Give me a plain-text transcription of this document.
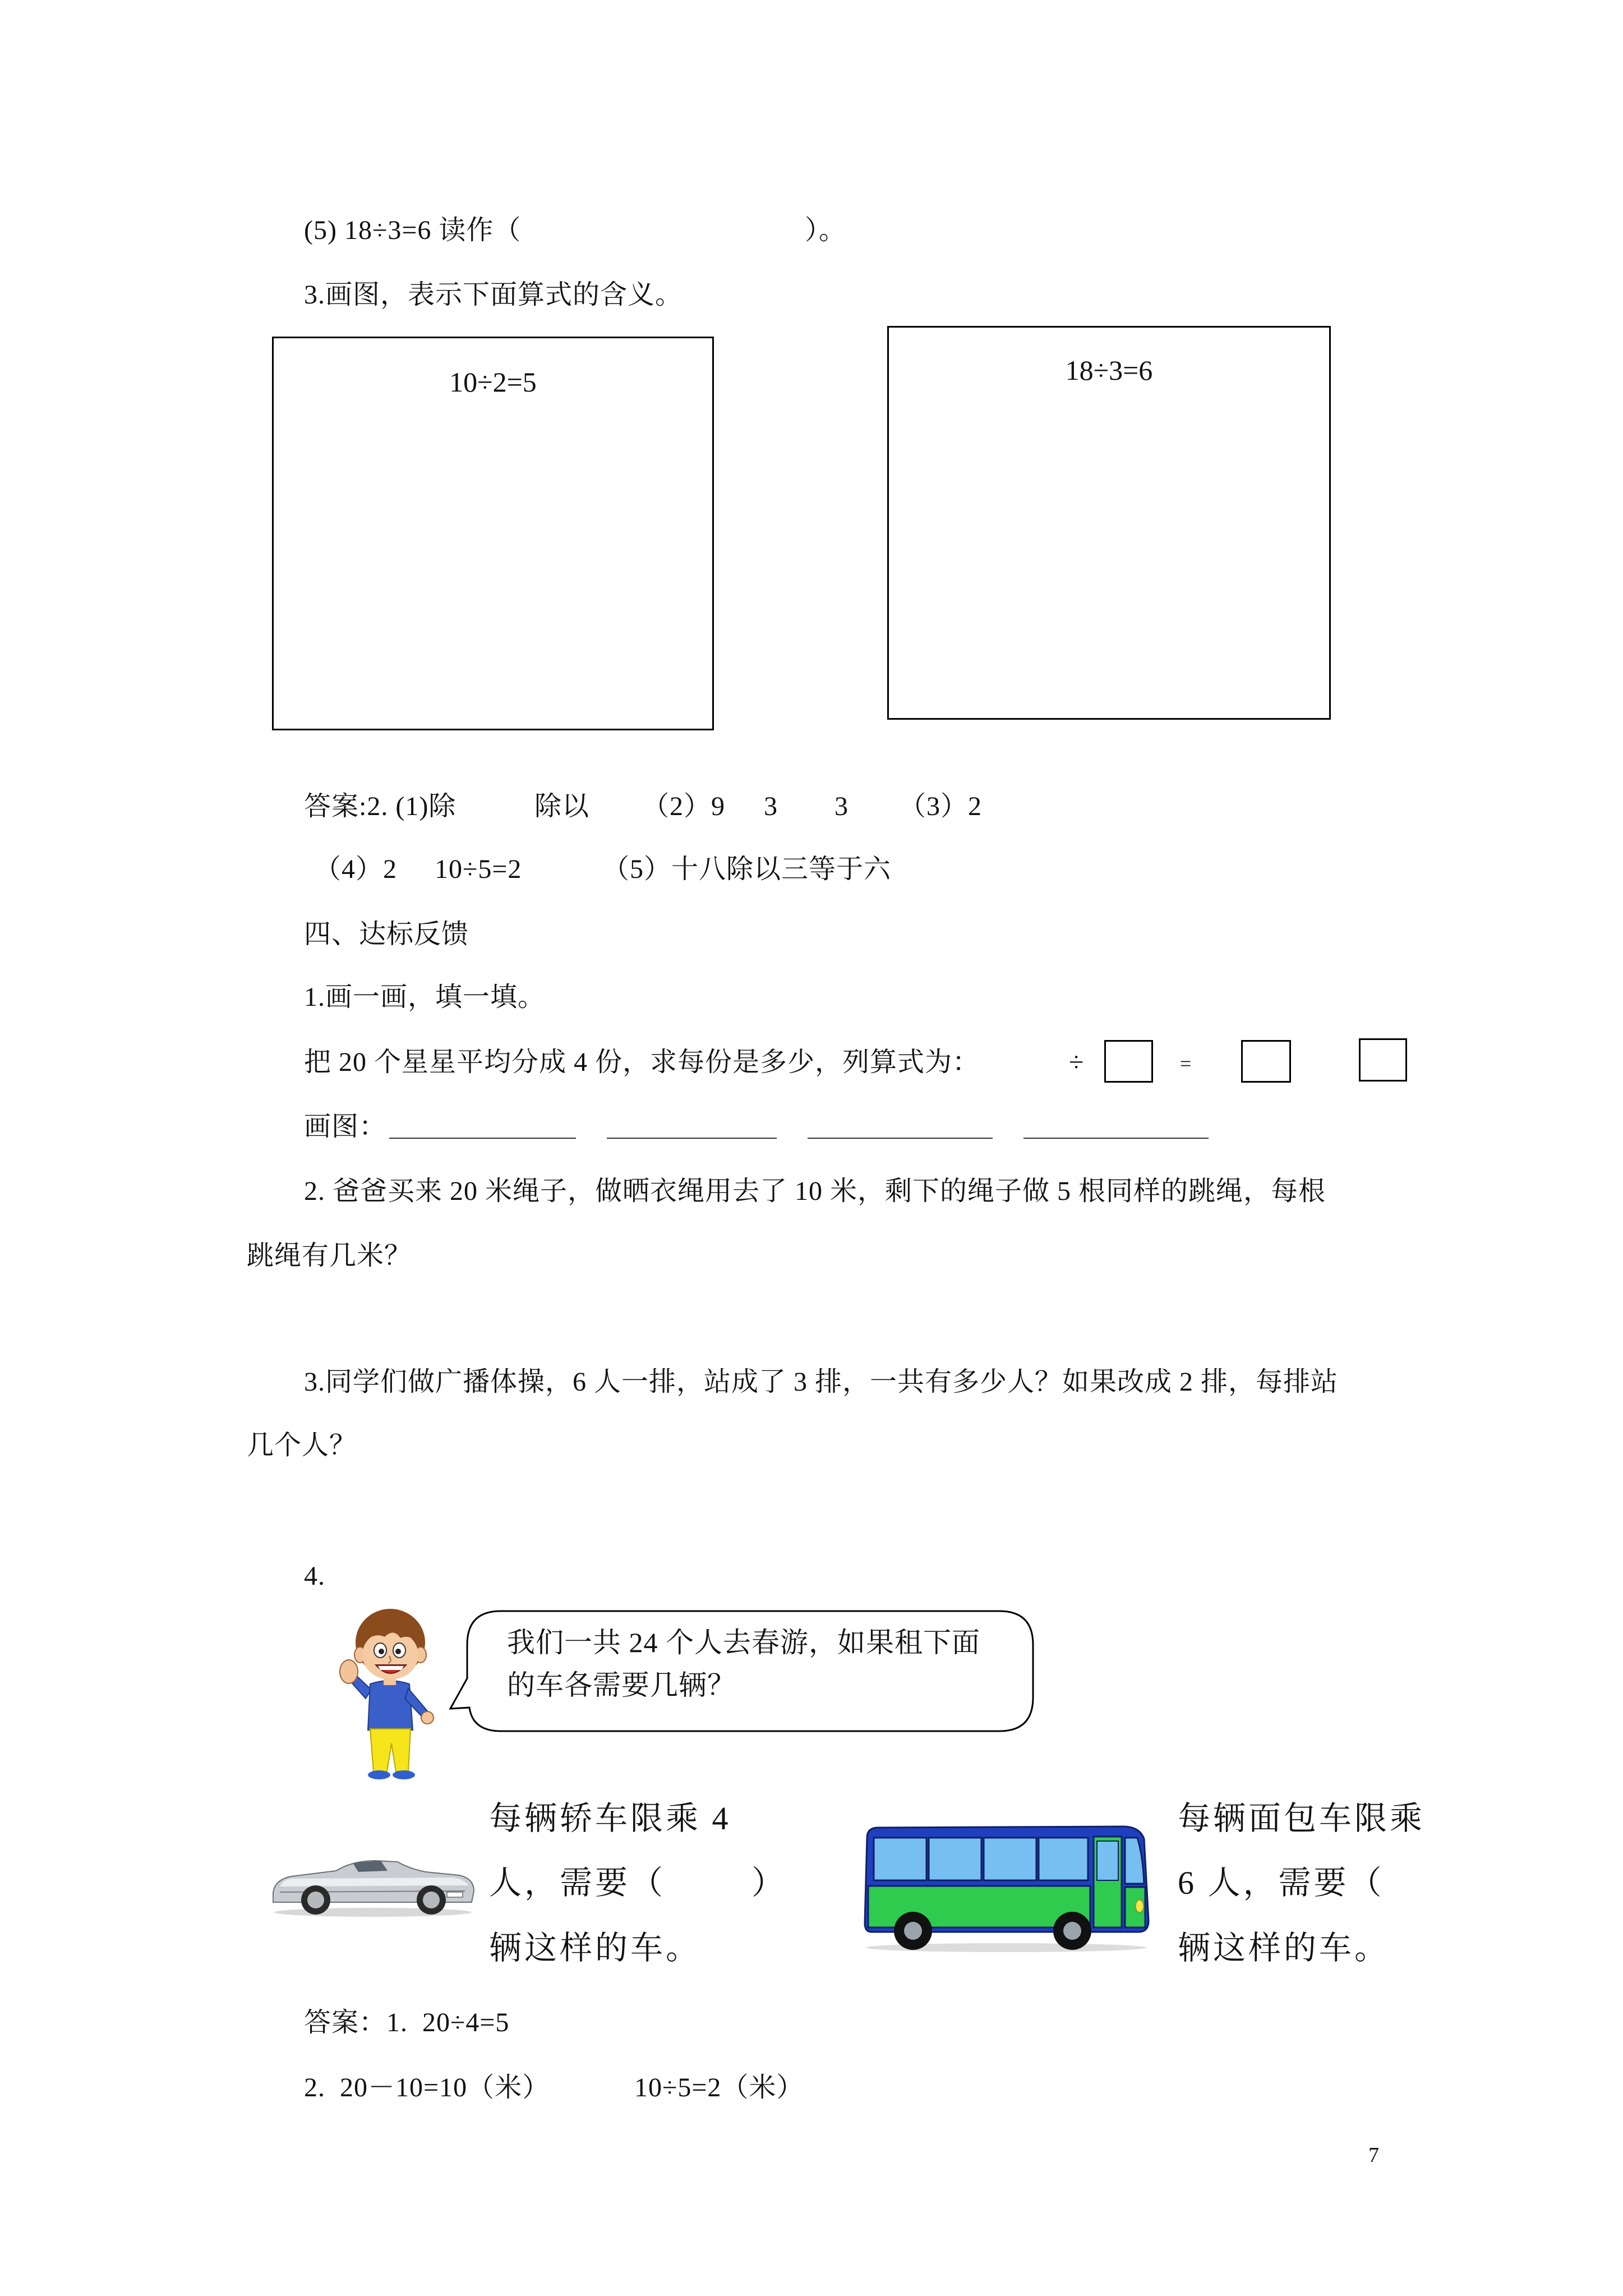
(5) 18÷3=6 读作（	）。
3.画图，表示下面算式的含义。
10÷2=5	18÷3=6
答案:2. (1)除	除以 （2）9 3 3 （3）2
（4）2 10÷5=2	（5）十八除以三等于六
四、达标反馈
1.画一画，填一填。
把 20 个星星平均分成 4 份，求每份是多少，列算式为：	÷	=
画图：
2. 爸爸买来 20 米绳子，做晒衣绳用去了 10 米，剩下的绳子做 5 根同样的跳绳，每根
跳绳有几米？
3.同学们做广播体操，6 人一排，站成了 3 排，一共有多少人？如果改成 2 排，每排站
几个人？
4.
我们一共 24 个人去春游，如果租下面
的车各需要几辆？
每辆轿车限乘 4
人，需要（	）
辆这样的车。
每辆面包车限乘
6 人，需要（
辆这样的车。
答案：1.  20÷4=5
2.  20－10=10（米）	10÷5=2（米）
7
